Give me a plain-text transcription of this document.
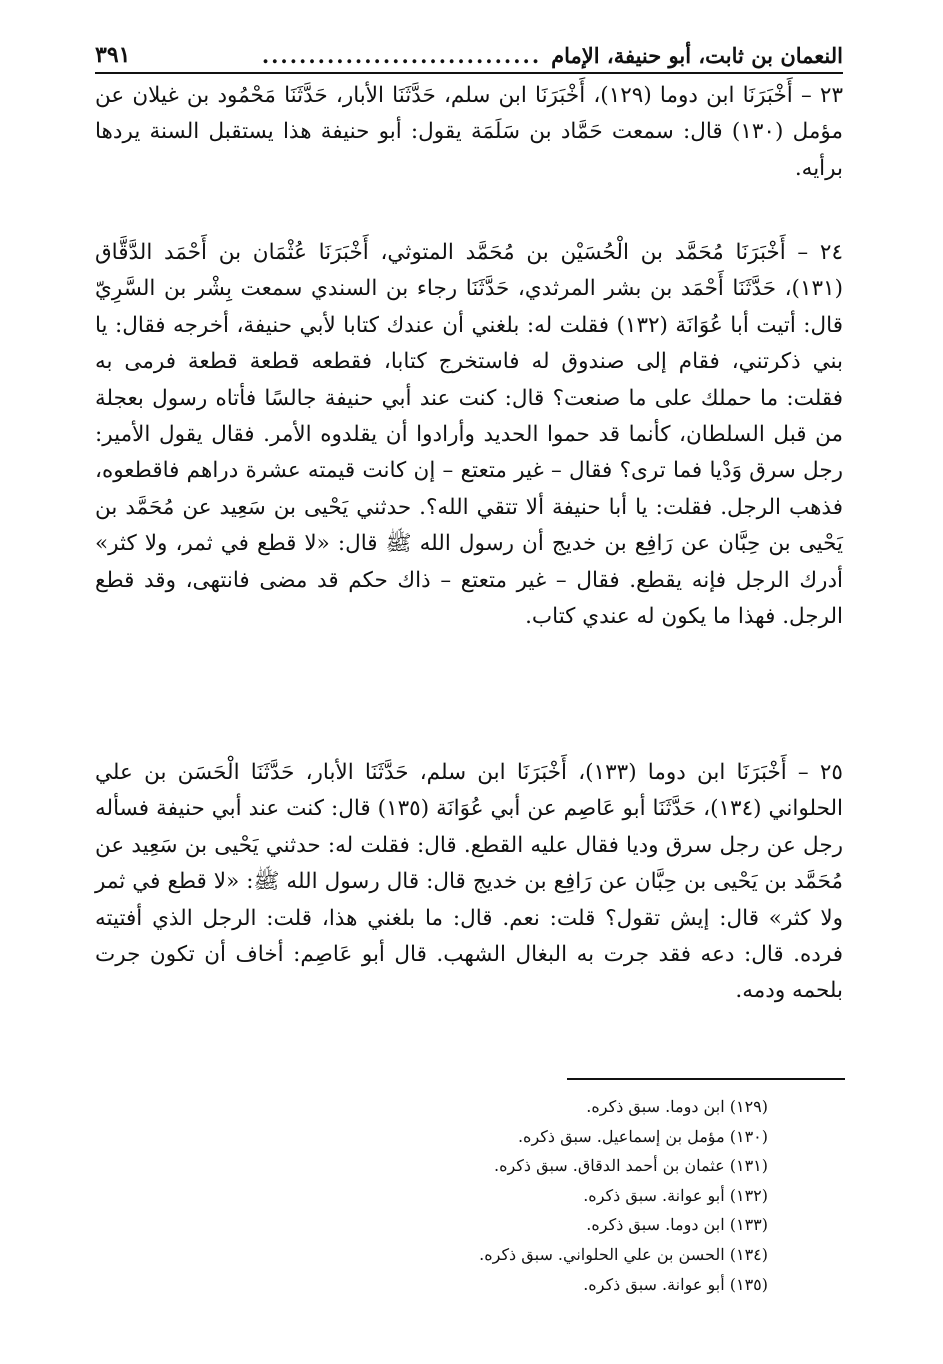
النعمان بن ثابت، أبو حنيفة، الإمام
..............................
٣٩١

٢٣ – أَخْبَرَنَا ابن دوما (١٢٩)، أَخْبَرَنَا ابن سلم، حَدَّثَنَا الأبار، حَدَّثَنَا مَحْمُود بن غيلان عن مؤمل (١٣٠) قال: سمعت حَمَّاد بن سَلَمَة يقول: أبو حنيفة هذا يستقبل السنة يردها برأيه.

٢٤ – أَخْبَرَنَا مُحَمَّد بن الْحُسَيْن بن مُحَمَّد المتوثي، أَخْبَرَنَا عُثْمَان بن أَحْمَد الدَّقَّاق (١٣١)، حَدَّثَنَا أَحْمَد بن بشر المرثدي، حَدَّثَنَا رجاء بن السندي سمعت بِشْر بن السَّرِيّ قال: أتيت أبا عُوَانَة (١٣٢) فقلت له: بلغني أن عندك كتابا لأبي حنيفة، أخرجه فقال: يا بني ذكرتني، فقام إلى صندوق له فاستخرج كتابا، فقطعه قطعة قطعة فرمى به فقلت: ما حملك على ما صنعت؟ قال: كنت عند أبي حنيفة جالسًا فأتاه رسول بعجلة من قبل السلطان، كأنما قد حموا الحديد وأرادوا أن يقلدوه الأمر. فقال يقول الأمير: رجل سرق وَدْيا فما ترى؟ فقال – غير متعتع – إن كانت قيمته عشرة دراهم فاقطعوه، فذهب الرجل. فقلت: يا أبا حنيفة ألا تتقي الله؟. حدثني يَحْيى بن سَعِيد عن مُحَمَّد بن يَحْيى بن حِبَّان عن رَافِع بن خديج أن رسول الله ﷺ قال: «لا قطع في ثمر، ولا كثر» أدرك الرجل فإنه يقطع. فقال – غير متعتع – ذاك حكم قد مضى فانتهى، وقد قطع الرجل. فهذا ما يكون له عندي كتاب.

٢٥ – أَخْبَرَنَا ابن دوما (١٣٣)، أَخْبَرَنَا ابن سلم، حَدَّثَنَا الأبار، حَدَّثَنَا الْحَسَن بن علي الحلواني (١٣٤)، حَدَّثَنَا أبو عَاصِم عن أبي عُوَانَة (١٣٥) قال: كنت عند أبي حنيفة فسأله رجل عن رجل سرق وديا فقال عليه القطع. قال: فقلت له: حدثني يَحْيى بن سَعِيد عن مُحَمَّد بن يَحْيى بن حِبَّان عن رَافِع بن خديج قال: قال رسول الله ﷺ: «لا قطع في ثمر ولا كثر» قال: إيش تقول؟ قلت: نعم. قال: ما بلغني هذا، قلت: الرجل الذي أفتيته فرده. قال: دعه فقد جرت به البغال الشهب. قال أبو عَاصِم: أخاف أن تكون جرت بلحمه ودمه.

(١٢٩) ابن دوما. سبق ذكره.
(١٣٠) مؤمل بن إسماعيل. سبق ذكره.
(١٣١) عثمان بن أحمد الدقاق. سبق ذكره.
(١٣٢) أبو عوانة. سبق ذكره.
(١٣٣) ابن دوما. سبق ذكره.
(١٣٤) الحسن بن علي الحلواني. سبق ذكره.
(١٣٥) أبو عوانة. سبق ذكره.
